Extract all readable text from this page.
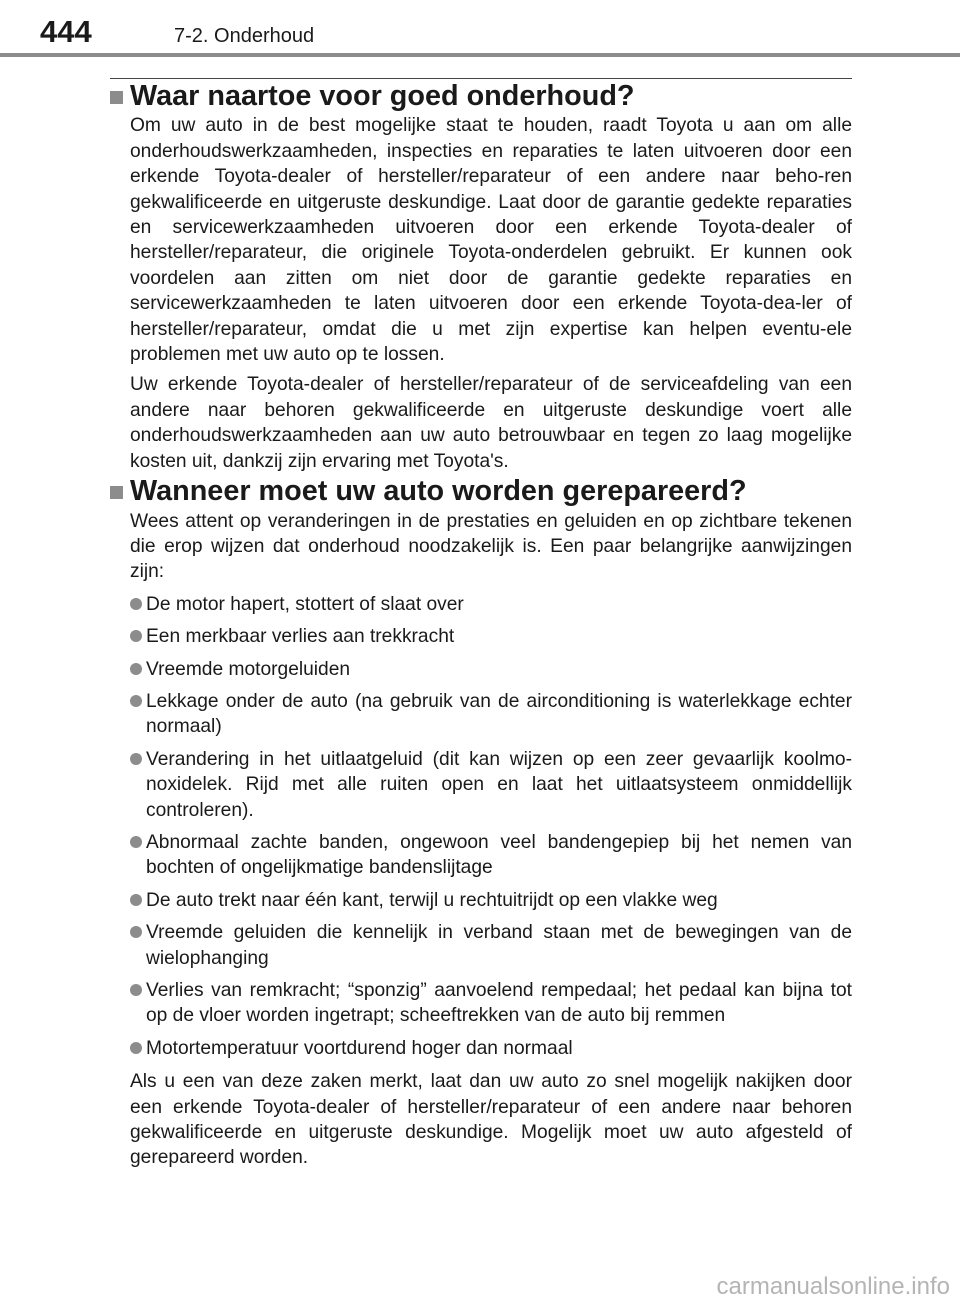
444	7-2. Onderhoud
Waar naartoe voor goed onderhoud?

Om uw auto in de best mogelijke staat te houden, raadt Toyota u aan om alle onderhoudswerkzaamheden, inspecties en reparaties te laten uitvoeren door een erkende Toyota-dealer of hersteller/reparateur of een andere naar beho-ren gekwalificeerde en uitgeruste deskundige. Laat door de garantie gedekte reparaties en servicewerkzaamheden uitvoeren door een erkende Toyota-dealer of hersteller/reparateur, die originele Toyota-onderdelen gebruikt. Er kunnen ook voordelen aan zitten om niet door de garantie gedekte reparaties en servicewerkzaamheden te laten uitvoeren door een erkende Toyota-dea-ler of hersteller/reparateur, omdat die u met zijn expertise kan helpen eventu-ele problemen met uw auto op te lossen.

Uw erkende Toyota-dealer of hersteller/reparateur of de serviceafdeling van een andere naar behoren gekwalificeerde en uitgeruste deskundige voert alle onderhoudswerkzaamheden aan uw auto betrouwbaar en tegen zo laag mogelijke kosten uit, dankzij zijn ervaring met Toyota's.

Wanneer moet uw auto worden gerepareerd?

Wees attent op veranderingen in de prestaties en geluiden en op zichtbare tekenen die erop wijzen dat onderhoud noodzakelijk is. Een paar belangrijke aanwijzingen zijn:

De motor hapert, stottert of slaat over
Een merkbaar verlies aan trekkracht
Vreemde motorgeluiden
Lekkage onder de auto (na gebruik van de airconditioning is waterlekkage echter normaal)
Verandering in het uitlaatgeluid (dit kan wijzen op een zeer gevaarlijk koolmo-noxidelek. Rijd met alle ruiten open en laat het uitlaatsysteem onmiddellijk controleren).
Abnormaal zachte banden, ongewoon veel bandengepiep bij het nemen van bochten of ongelijkmatige bandenslijtage
De auto trekt naar één kant, terwijl u rechtuitrijdt op een vlakke weg
Vreemde geluiden die kennelijk in verband staan met de bewegingen van de wielophanging
Verlies van remkracht; “sponzig” aanvoelend rempedaal; het pedaal kan bijna tot op de vloer worden ingetrapt; scheeftrekken van de auto bij remmen
Motortemperatuur voortdurend hoger dan normaal

Als u een van deze zaken merkt, laat dan uw auto zo snel mogelijk nakijken door een erkende Toyota-dealer of hersteller/reparateur of een andere naar behoren gekwalificeerde en uitgeruste deskundige. Mogelijk moet uw auto afgesteld of gerepareerd worden.

carmanualsonline.info
